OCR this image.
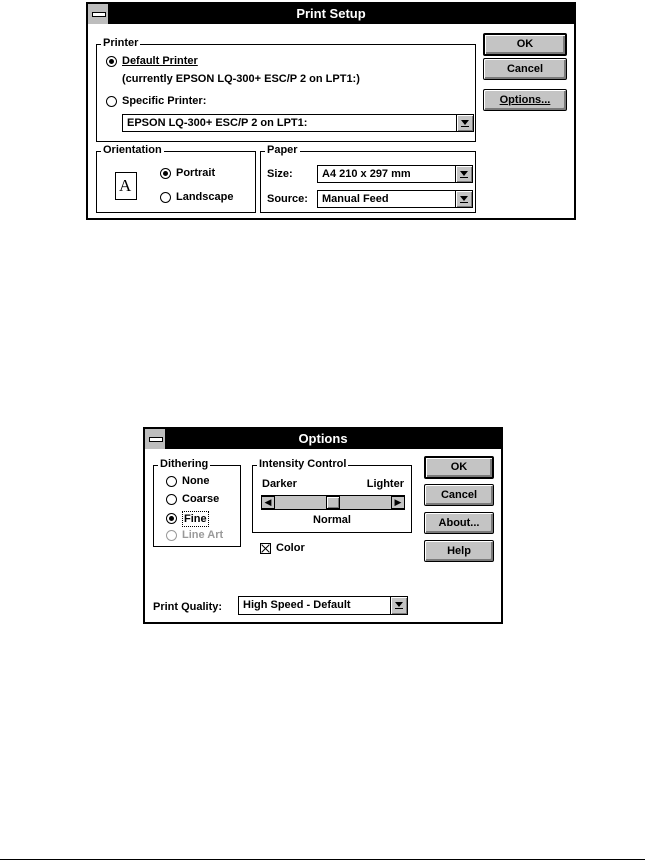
Print Setup
Printer
Default Printer
(currently EPSON LQ-300+ ESC/P 2 on LPT1:)
Specific Printer:
EPSON LQ-300+ ESC/P 2 on LPT1:
Orientation
A
Portrait
Landscape
Paper
Size:	A4 210 x 297 mm
Source:	Manual Feed
OK
Cancel
Options...
Options
Dithering
None
Coarse
Fine
Line Art
Intensity Control
Darker	Lighter
◀	▶
Normal
Color
Print Quality:	High Speed - Default
OK
Cancel
About...
Help
